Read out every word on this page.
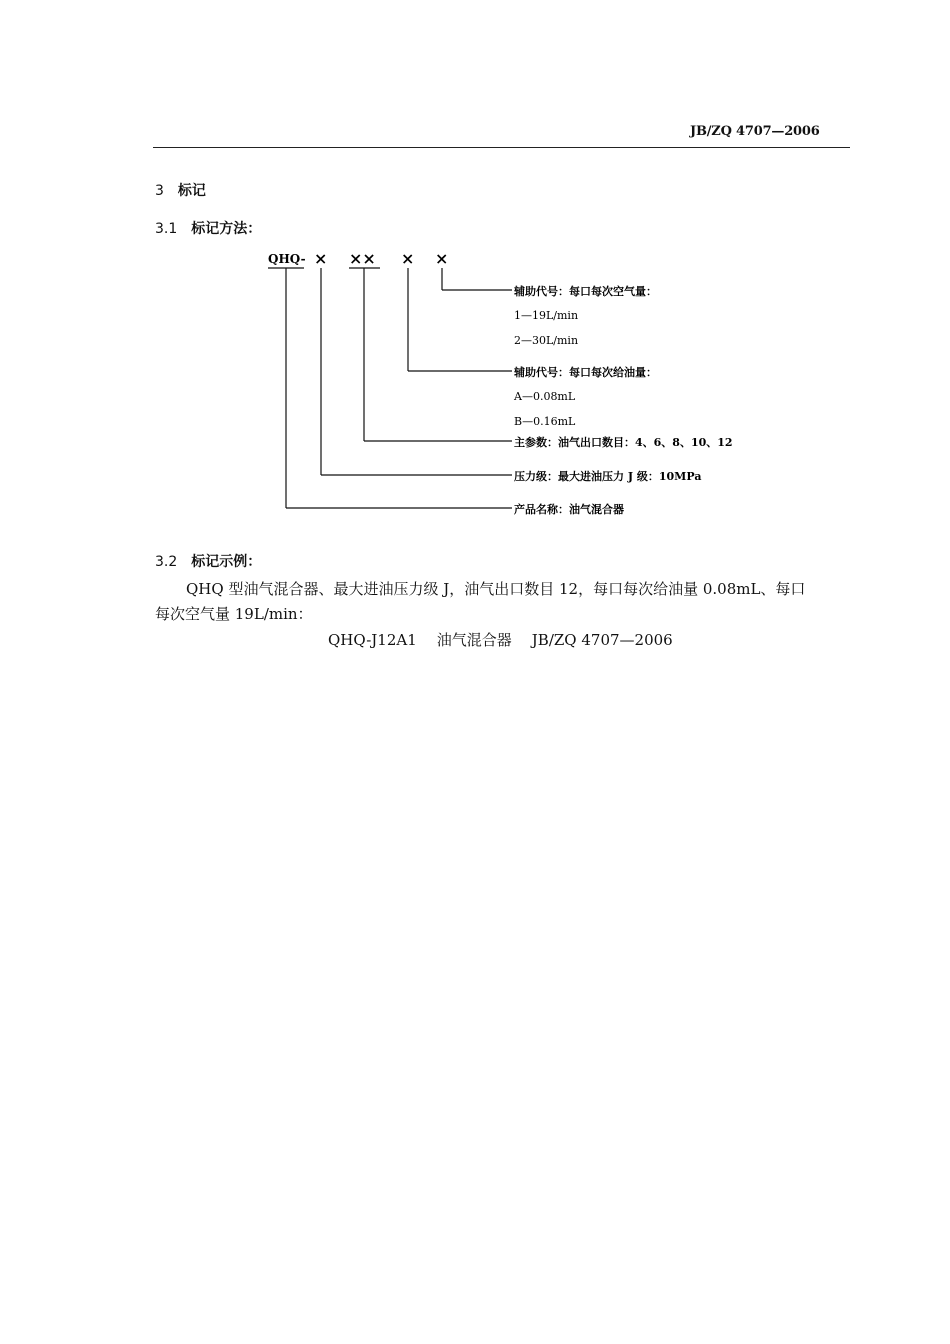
JB/ZQ 4707—2006
3 标记
3.1 标记方法：
QHQ- × ×× × ×
辅助代号：每口每次空气量：
1—19L/min
2—30L/min
辅助代号：每口每次给油量：
A—0.08mL
B—0.16mL
主参数：油气出口数目：4、6、8、10、12
压力级：最大进油压力 J 级：10MPa
产品名称：油气混合器
3.2 标记示例：
QHQ 型油气混合器、最大进油压力级 J，油气出口数目 12，每口每次给油量 0.08mL、每口
每次空气量 19L/min：
QHQ-J12A1 油气混合器 JB/ZQ 4707—2006
